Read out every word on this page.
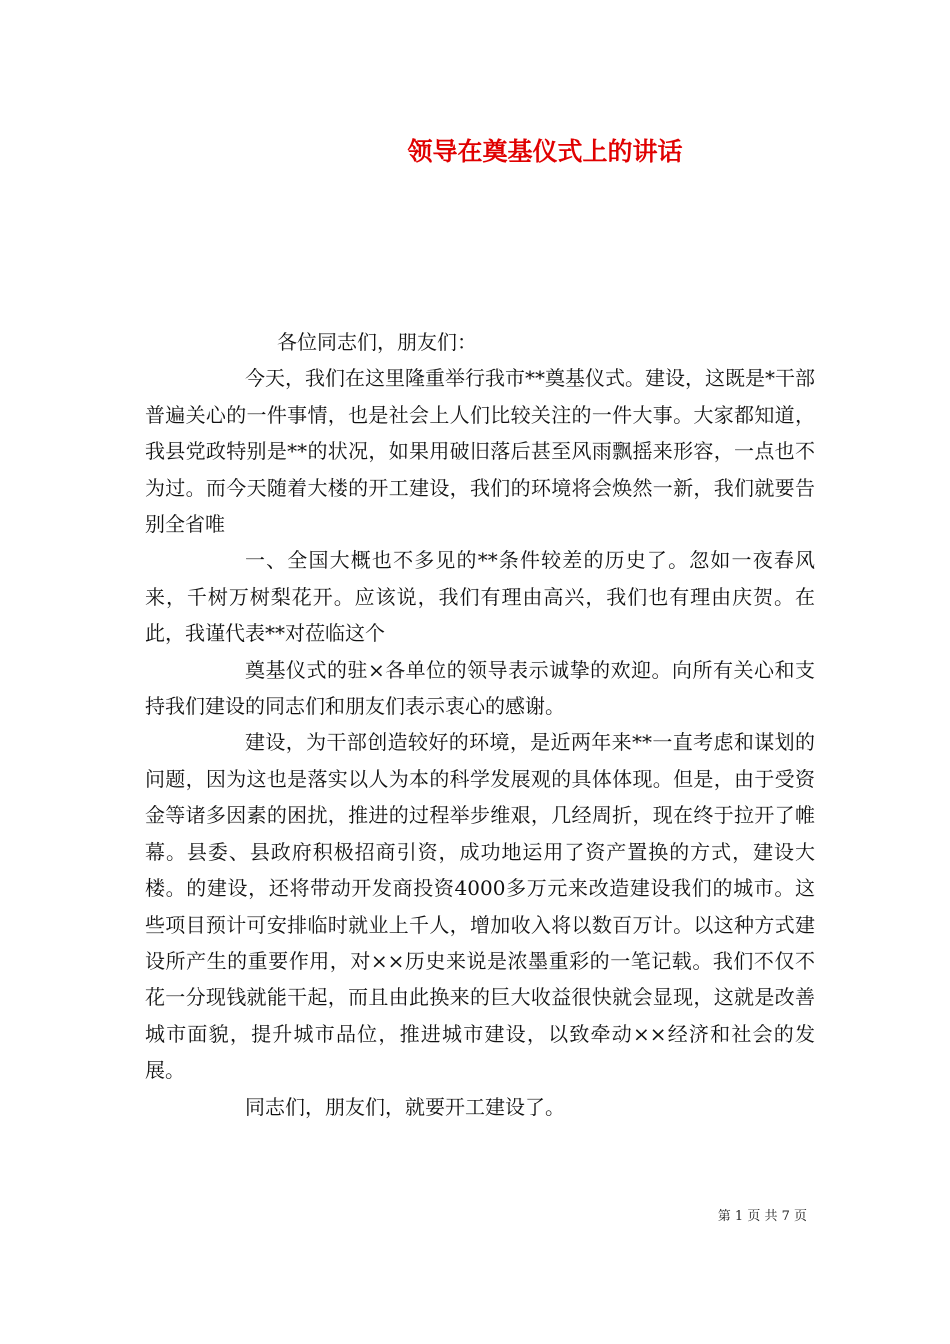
领导在奠基仪式上的讲话

各位同志们，朋友们：

今天，我们在这里隆重举行我市**奠基仪式。建设，这既是*干部普遍关心的一件事情，也是社会上人们比较关注的一件大事。大家都知道，我县党政特别是**的状况，如果用破旧落后甚至风雨飘摇来形容，一点也不为过。而今天随着大楼的开工建设，我们的环境将会焕然一新，我们就要告别全省唯

一、全国大概也不多见的**条件较差的历史了。忽如一夜春风来，千树万树梨花开。应该说，我们有理由高兴，我们也有理由庆贺。在此，我谨代表**对莅临这个

奠基仪式的驻×各单位的领导表示诚挚的欢迎。向所有关心和支持我们建设的同志们和朋友们表示衷心的感谢。

建设，为干部创造较好的环境，是近两年来**一直考虑和谋划的问题，因为这也是落实以人为本的科学发展观的具体体现。但是，由于受资金等诸多因素的困扰，推进的过程举步维艰，几经周折，现在终于拉开了帷幕。县委、县政府积极招商引资，成功地运用了资产置换的方式，建设大楼。的建设，还将带动开发商投资4000多万元来改造建设我们的城市。这些项目预计可安排临时就业上千人，增加收入将以数百万计。以这种方式建设所产生的重要作用，对××历史来说是浓墨重彩的一笔记载。我们不仅不花一分现钱就能干起，而且由此换来的巨大收益很快就会显现，这就是改善城市面貌，提升城市品位，推进城市建设，以致牵动××经济和社会的发展。

同志们，朋友们，就要开工建设了。

第 1 页 共 7 页
